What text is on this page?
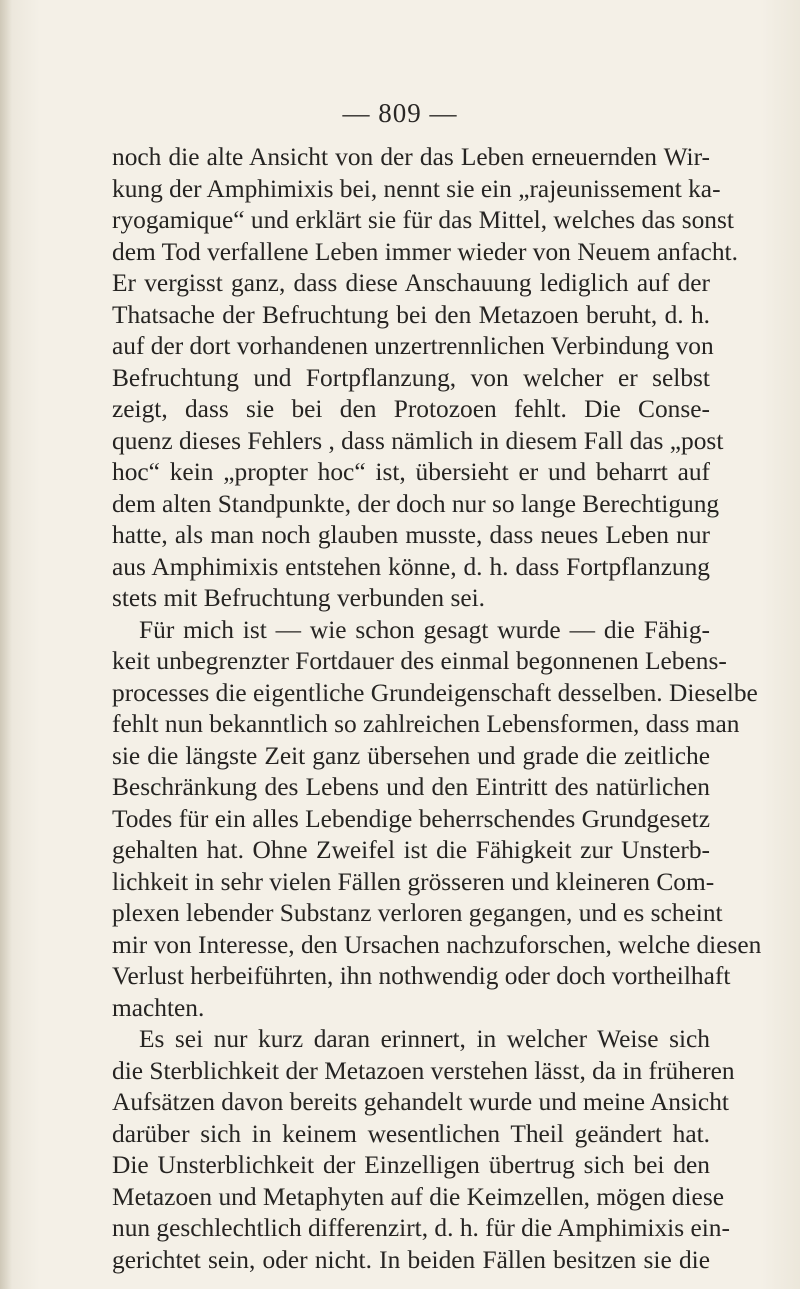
— 809 —
noch die alte Ansicht von der das Leben erneuernden Wir-
kung der Amphimixis bei, nennt sie ein „rajeunissement ka-
ryogamique“ und erklärt sie für das Mittel, welches das sonst
dem Tod verfallene Leben immer wieder von Neuem anfacht.
Er vergisst ganz, dass diese Anschauung lediglich auf der
Thatsache der Befruchtung bei den Metazoen beruht, d. h.
auf der dort vorhandenen unzertrennlichen Verbindung von
Befruchtung und Fortpflanzung, von welcher er selbst
zeigt, dass sie bei den Protozoen fehlt. Die Conse-
quenz dieses Fehlers , dass nämlich in diesem Fall das „post
hoc“ kein „propter hoc“ ist, übersieht er und beharrt auf
dem alten Standpunkte, der doch nur so lange Berechtigung
hatte, als man noch glauben musste, dass neues Leben nur
aus Amphimixis entstehen könne, d. h. dass Fortpflanzung
stets mit Befruchtung verbunden sei.
Für mich ist — wie schon gesagt wurde — die Fähig-
keit unbegrenzter Fortdauer des einmal begonnenen Lebens-
processes die eigentliche Grundeigenschaft desselben. Dieselbe
fehlt nun bekanntlich so zahlreichen Lebensformen, dass man
sie die längste Zeit ganz übersehen und grade die zeitliche
Beschränkung des Lebens und den Eintritt des natürlichen
Todes für ein alles Lebendige beherrschendes Grundgesetz
gehalten hat. Ohne Zweifel ist die Fähigkeit zur Unsterb-
lichkeit in sehr vielen Fällen grösseren und kleineren Com-
plexen lebender Substanz verloren gegangen, und es scheint
mir von Interesse, den Ursachen nachzuforschen, welche diesen
Verlust herbeiführten, ihn nothwendig oder doch vortheilhaft
machten.
Es sei nur kurz daran erinnert, in welcher Weise sich
die Sterblichkeit der Metazoen verstehen lässt, da in früheren
Aufsätzen davon bereits gehandelt wurde und meine Ansicht
darüber sich in keinem wesentlichen Theil geändert hat.
Die Unsterblichkeit der Einzelligen übertrug sich bei den
Metazoen und Metaphyten auf die Keimzellen, mögen diese
nun geschlechtlich differenzirt, d. h. für die Amphimixis ein-
gerichtet sein, oder nicht. In beiden Fällen besitzen sie die
